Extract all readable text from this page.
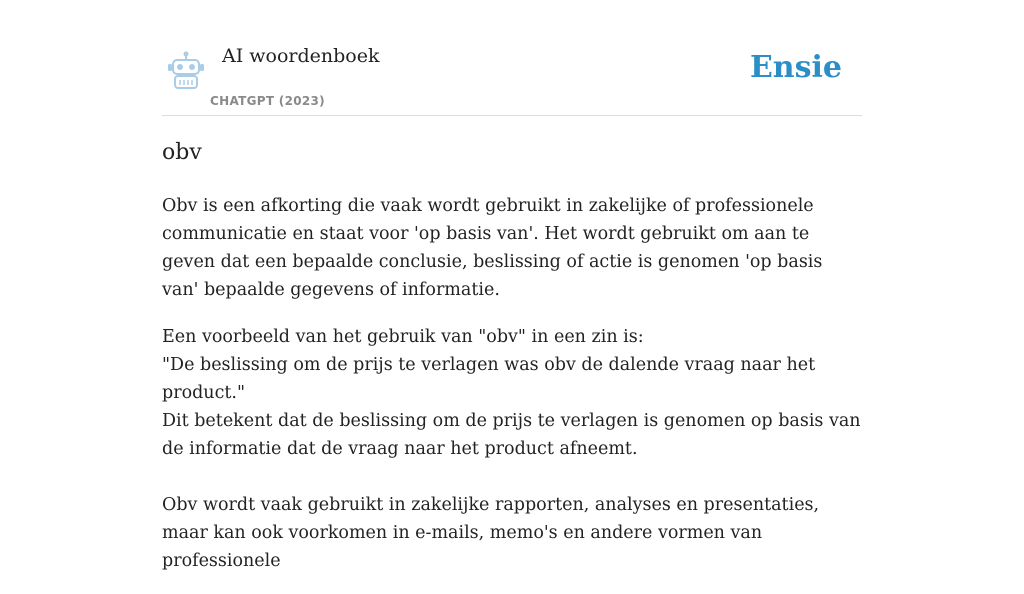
AI woordenboek
CHATGPT (2023)
Ensie
obv

Obv is een afkorting die vaak wordt gebruikt in zakelijke of professionele communicatie en staat voor 'op basis van'. Het wordt gebruikt om aan te geven dat een bepaalde conclusie, beslissing of actie is genomen 'op basis van' bepaalde gegevens of informatie.

Een voorbeeld van het gebruik van "obv" in een zin is:
"De beslissing om de prijs te verlagen was obv de dalende vraag naar het product."
Dit betekent dat de beslissing om de prijs te verlagen is genomen op basis van de informatie dat de vraag naar het product afneemt.
Obv wordt vaak gebruikt in zakelijke rapporten, analyses en presentaties, maar kan ook voorkomen in e-mails, memo's en andere vormen van professionele
